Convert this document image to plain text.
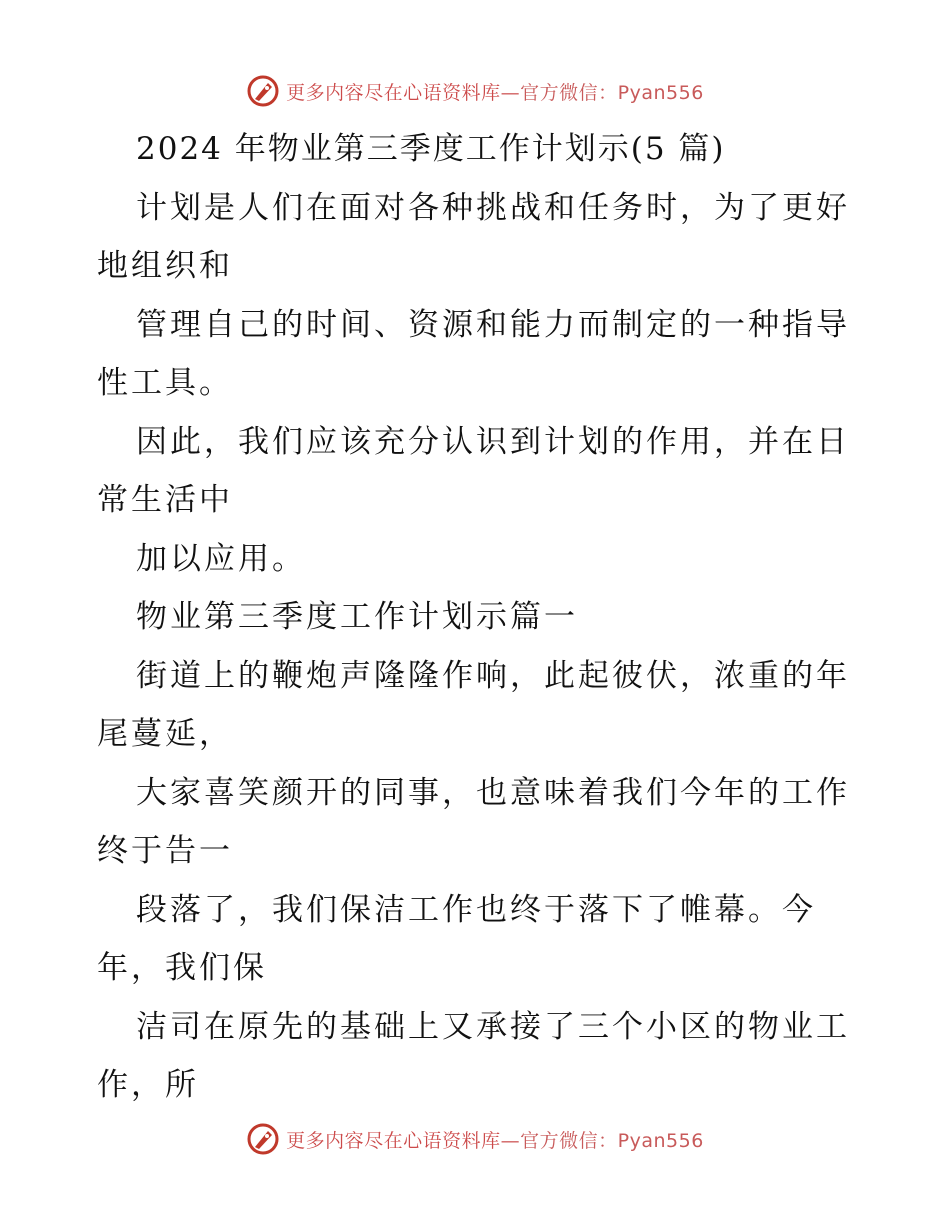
更多内容尽在心语资料库—官方微信：Pyan556
2024 年物业第三季度工作计划示(5 篇)
计划是人们在面对各种挑战和任务时，为了更好
地组织和
管理自己的时间、资源和能力而制定的一种指导
性工具。
因此，我们应该充分认识到计划的作用，并在日
常生活中
加以应用。
物业第三季度工作计划示篇一
街道上的鞭炮声隆隆作响，此起彼伏，浓重的年
尾蔓延，
大家喜笑颜开的同事，也意味着我们今年的工作
终于告一
段落了，我们保洁工作也终于落下了帷幕。今
年，我们保
洁司在原先的基础上又承接了三个小区的物业工
作，所
更多内容尽在心语资料库—官方微信：Pyan556
